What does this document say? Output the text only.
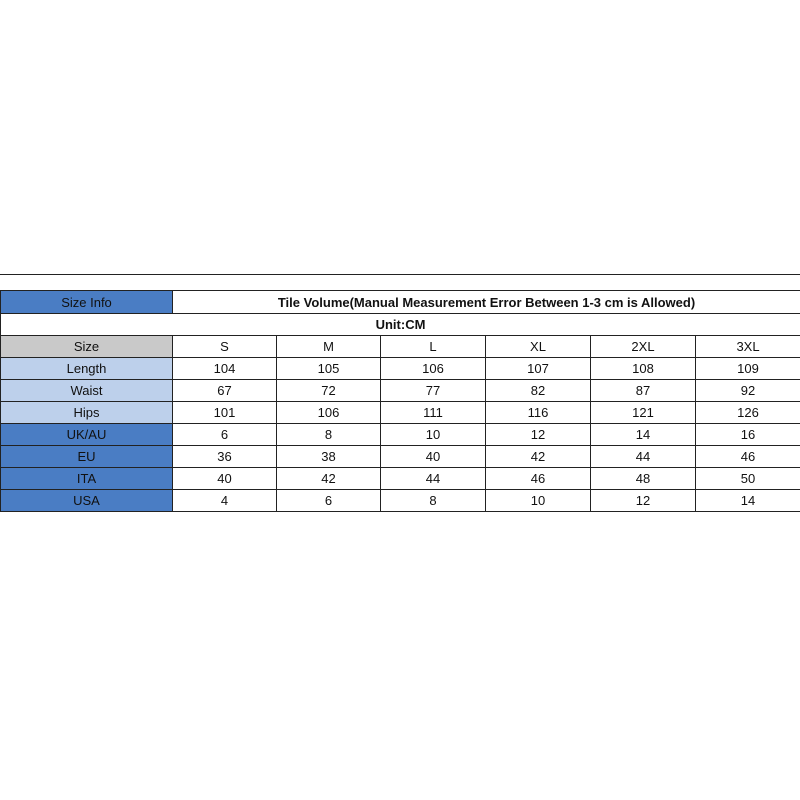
Size Info	Tile Volume(Manual Measurement Error Between 1-3 cm is Allowed)					
Unit:CM						
Size	S	M	L	XL	2XL	3XL
Length	104	105	106	107	108	109
Waist	67	72	77	82	87	92
Hips	101	106	111	116	121	126
UK/AU	6	8	10	12	14	16
EU	36	38	40	42	44	46
ITA	40	42	44	46	48	50
USA	4	6	8	10	12	14
